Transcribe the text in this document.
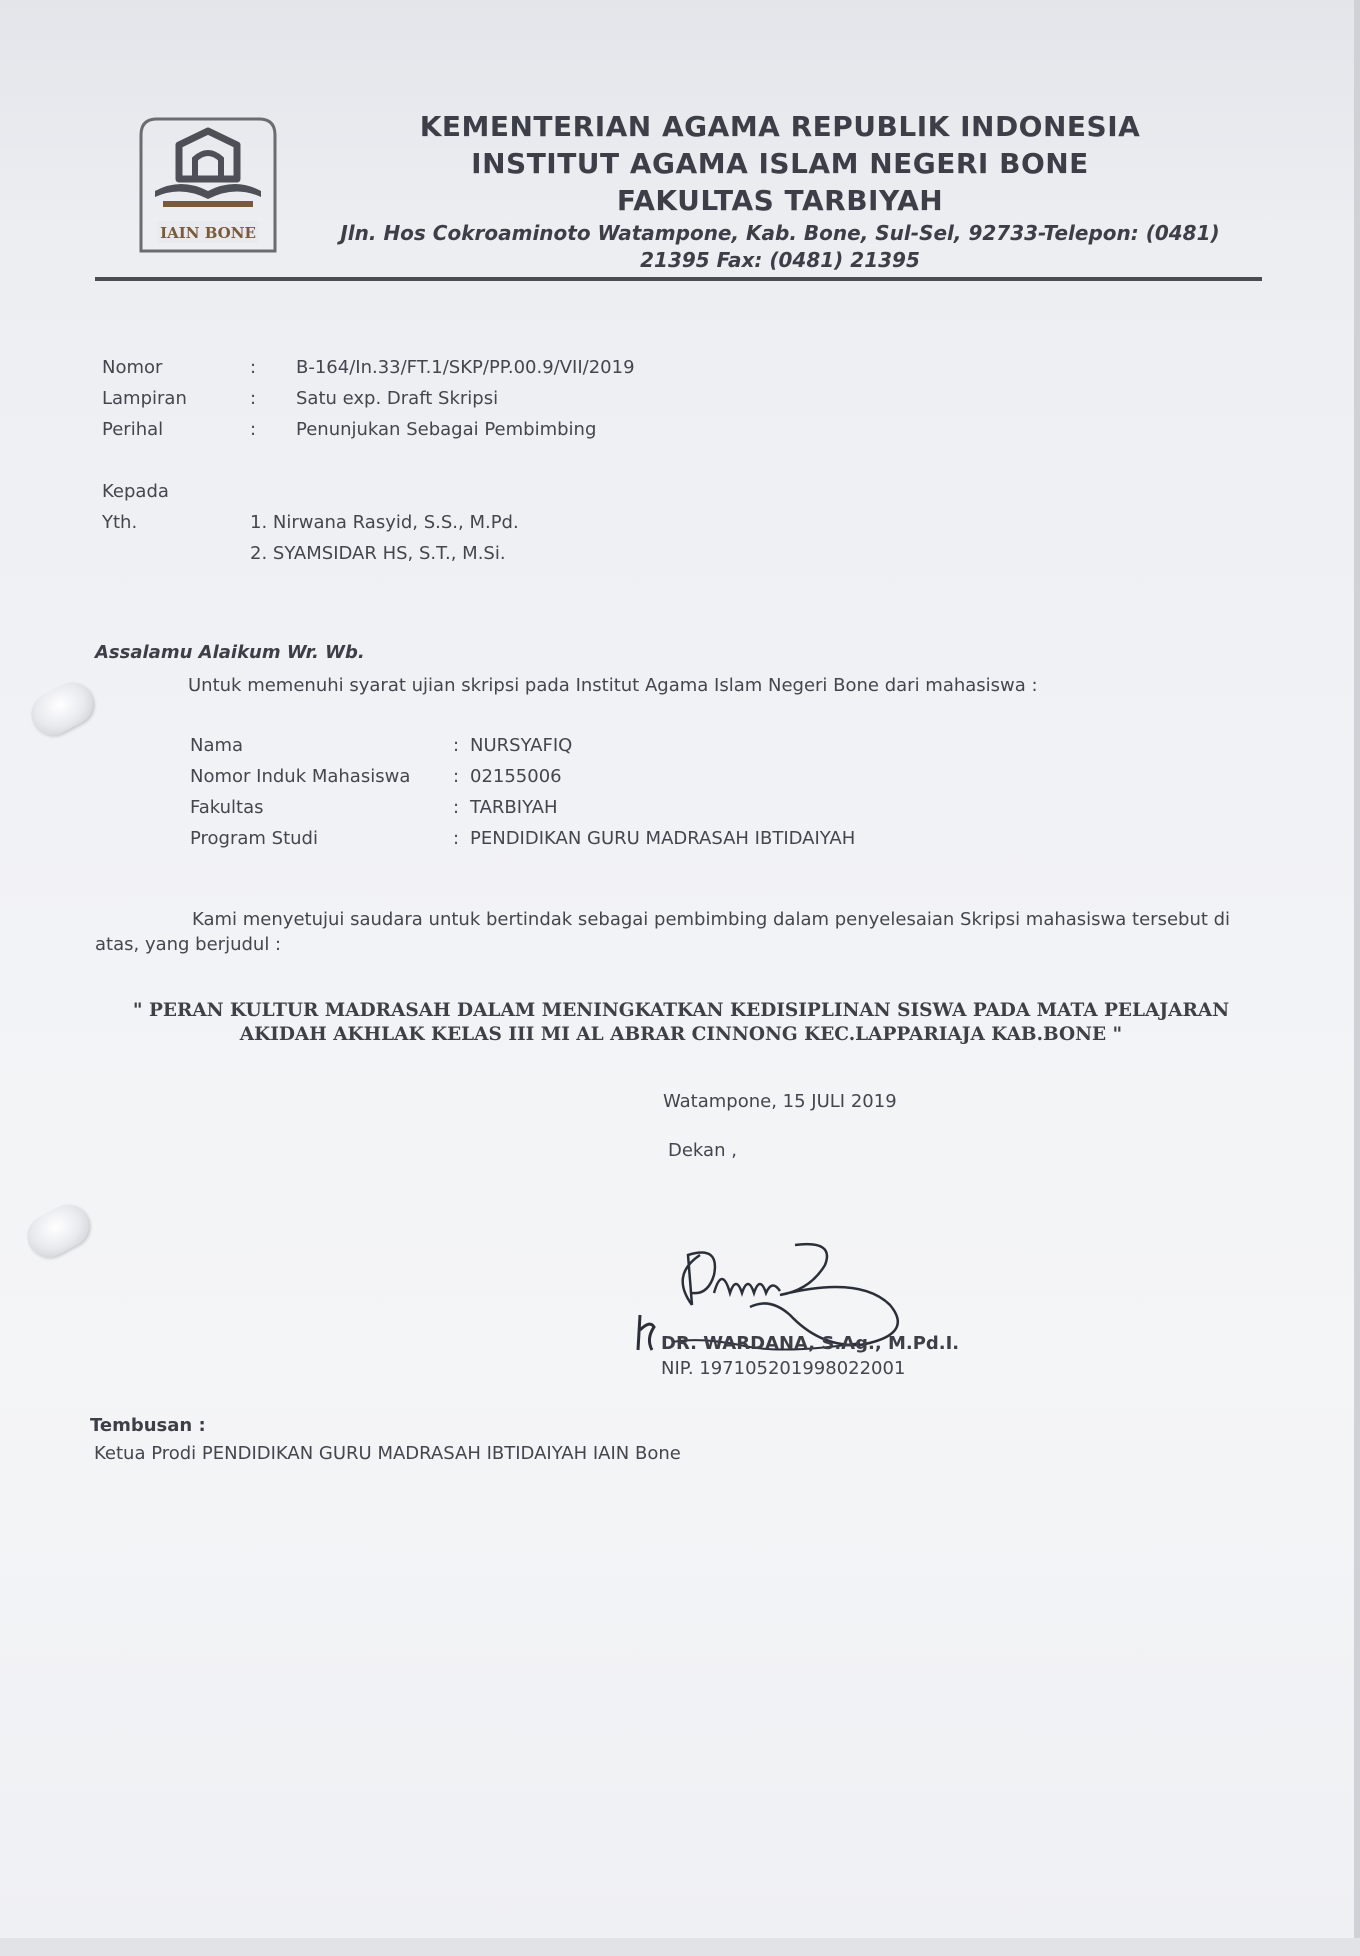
IAIN BONE
KEMENTERIAN AGAMA REPUBLIK INDONESIA
INSTITUT AGAMA ISLAM NEGERI BONE
FAKULTAS TARBIYAH
Jln. Hos Cokroaminoto Watampone, Kab. Bone, Sul-Sel, 92733-Telepon: (0481)
21395 Fax: (0481) 21395
Nomor	: B-164/In.33/FT.1/SKP/PP.00.9/VII/2019
Lampiran	: Satu exp. Draft Skripsi
Perihal	: Penunjukan Sebagai Pembimbing
Kepada
Yth.	1. Nirwana Rasyid, S.S., M.Pd.
2. SYAMSIDAR HS, S.T., M.Si.
Assalamu Alaikum Wr. Wb.
Untuk memenuhi syarat ujian skripsi pada Institut Agama Islam Negeri Bone dari mahasiswa :
Nama	: NURSYAFIQ
Nomor Induk Mahasiswa : 02155006
Fakultas	: TARBIYAH
Program Studi	: PENDIDIKAN GURU MADRASAH IBTIDAIYAH
Kami menyetujui saudara untuk bertindak sebagai pembimbing dalam penyelesaian Skripsi mahasiswa tersebut di
atas, yang berjudul :
" PERAN KULTUR MADRASAH DALAM MENINGKATKAN KEDISIPLINAN SISWA PADA MATA PELAJARAN
AKIDAH AKHLAK KELAS III MI AL ABRAR CINNONG KEC.LAPPARIAJA KAB.BONE "
Watampone, 15 JULI 2019
Dekan ,
DR. WARDANA, S.Ag., M.Pd.I.
NIP. 197105201998022001
Tembusan :
Ketua Prodi PENDIDIKAN GURU MADRASAH IBTIDAIYAH IAIN Bone
